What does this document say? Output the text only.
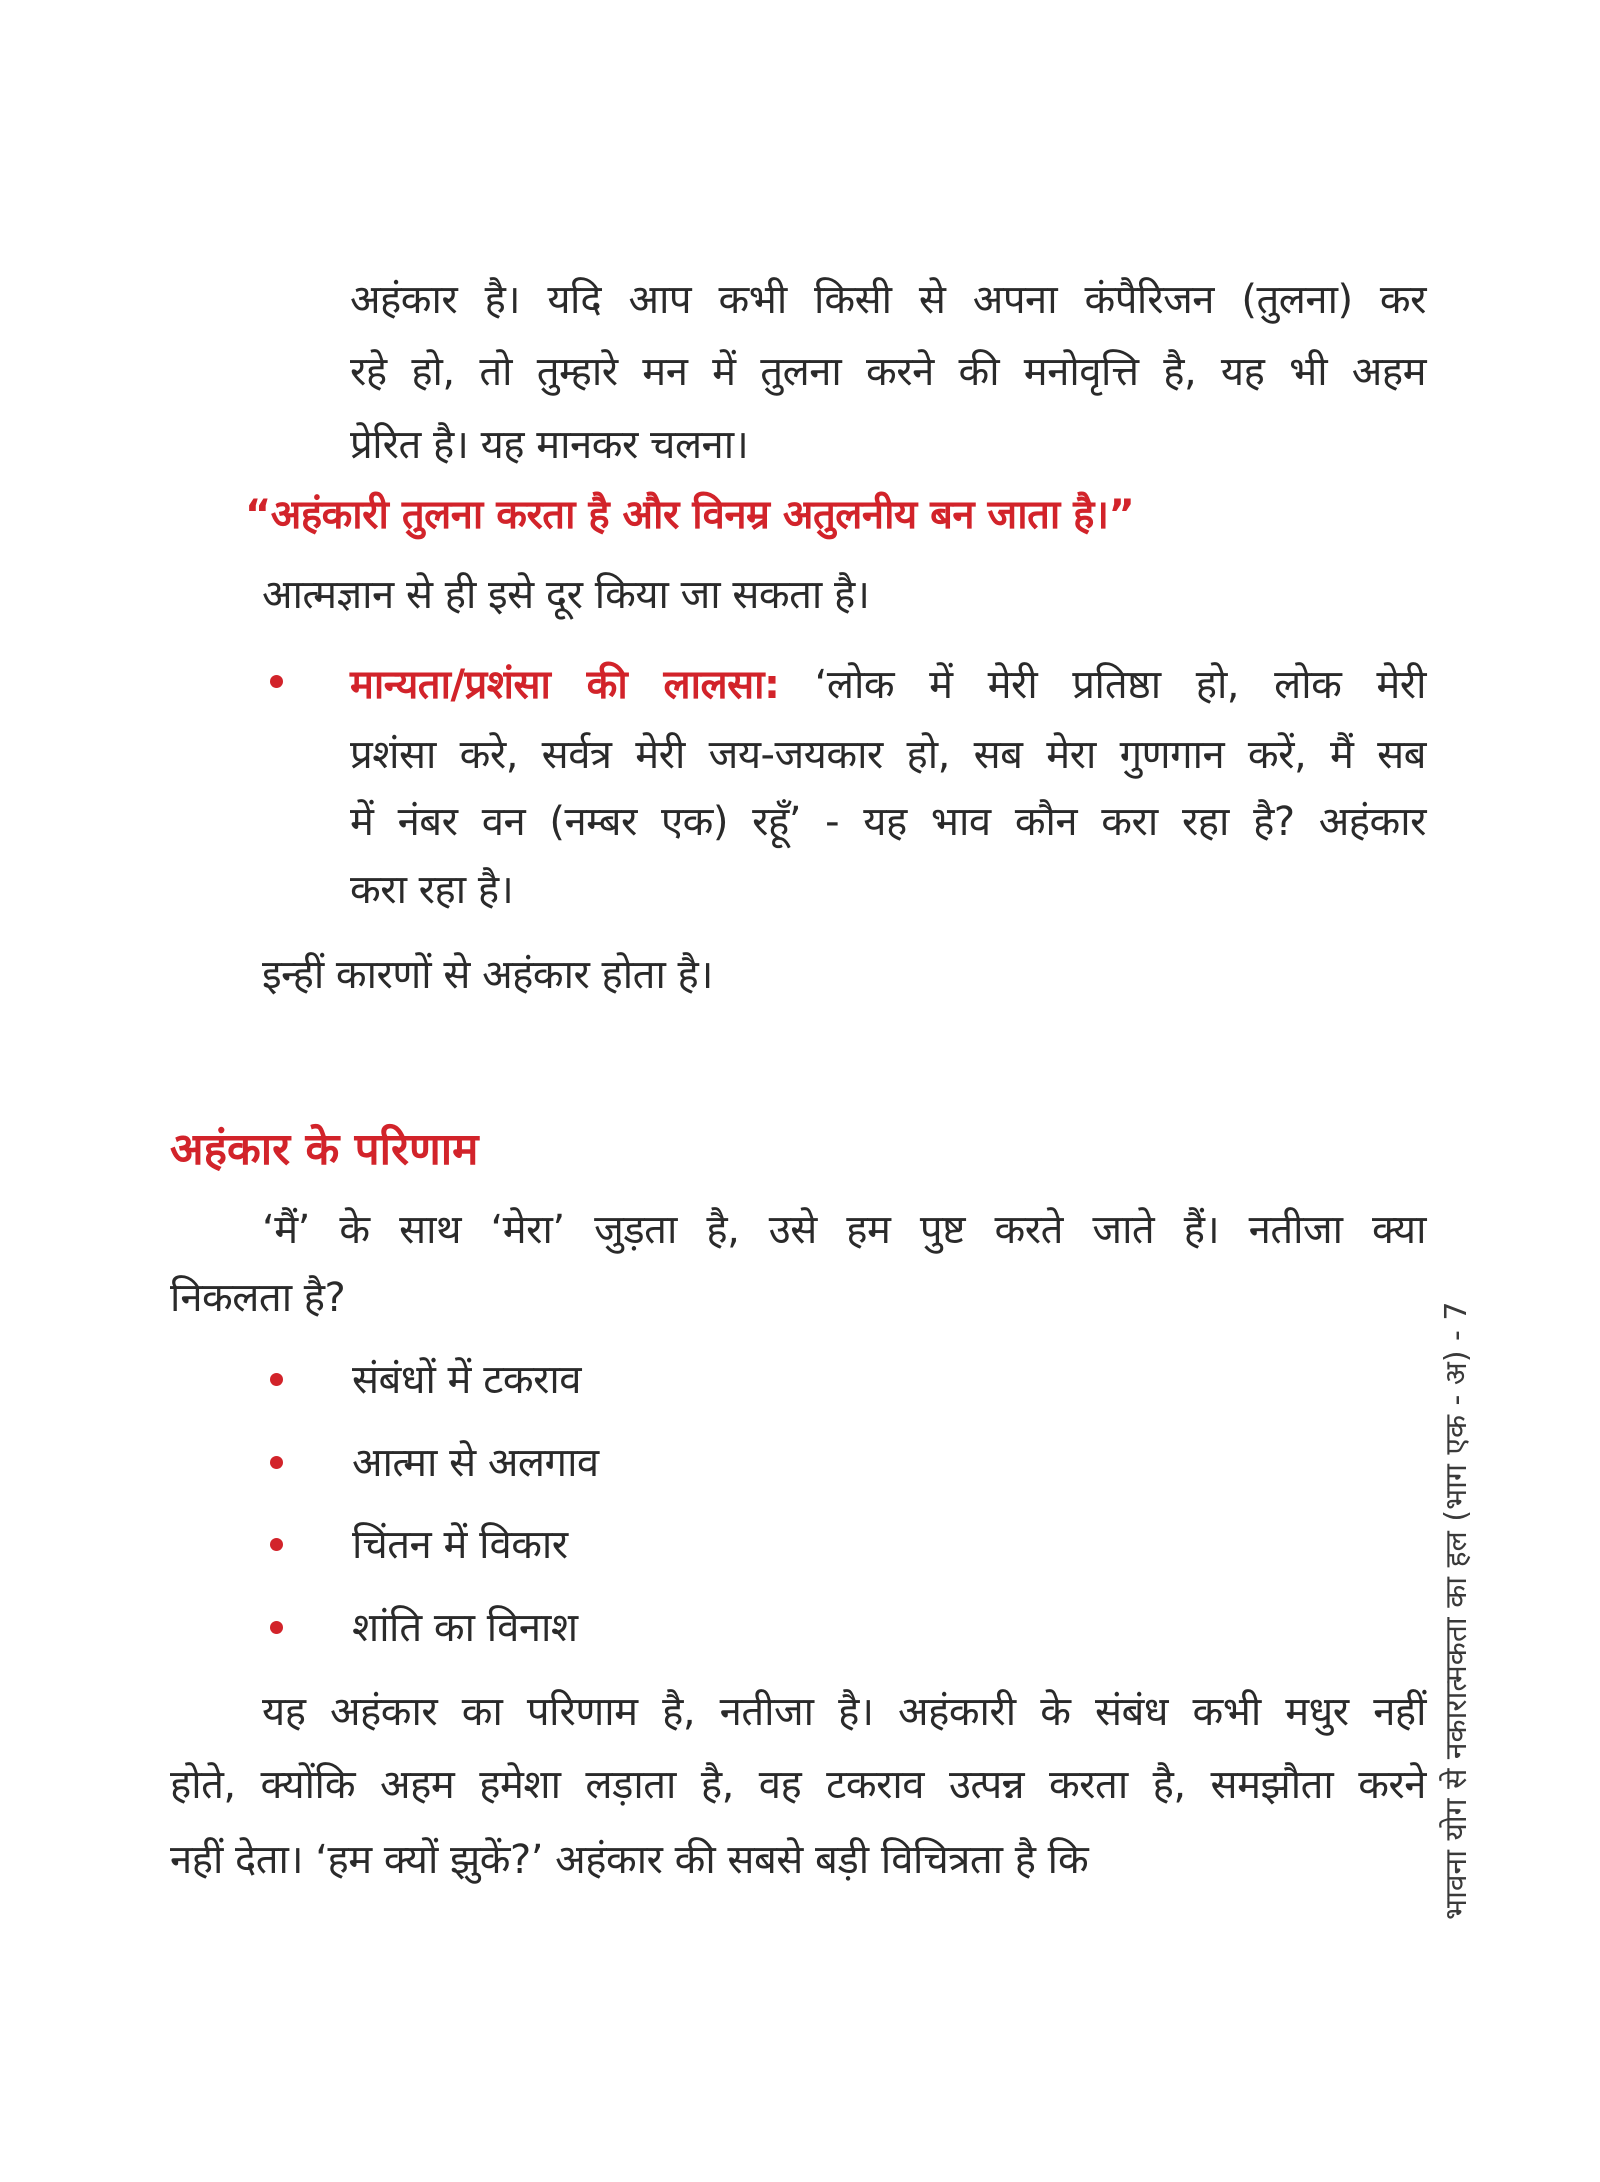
अहंकार है। यदि आप कभी किसी से अपना कंपैरिजन (तुलना) कर
रहे हो, तो तुम्हारे मन में तुलना करने की मनोवृत्ति है, यह भी अहम
प्रेरित है। यह मानकर चलना।
“अहंकारी तुलना करता है और विनम्र अतुलनीय बन जाता है।”
आत्मज्ञान से ही इसे दूर किया जा सकता है।
मान्यता/प्रशंसा की लालसा: ‘लोक में मेरी प्रतिष्ठा हो, लोक मेरी
प्रशंसा करे, सर्वत्र मेरी जय-जयकार हो, सब मेरा गुणगान करें, मैं सब
में नंबर वन (नम्बर एक) रहूँ’ - यह भाव कौन करा रहा है? अहंकार
करा रहा है।
इन्हीं कारणों से अहंकार होता है।
अहंकार के परिणाम
‘मैं’ के साथ ‘मेरा’ जुड़ता है, उसे हम पुष्ट करते जाते हैं। नतीजा क्या
निकलता है?
संबंधों में टकराव
आत्मा से अलगाव
चिंतन में विकार
शांति का विनाश
यह अहंकार का परिणाम है, नतीजा है। अहंकारी के संबंध कभी मधुर नहीं
होते, क्योंकि अहम हमेशा लड़ाता है, वह टकराव उत्पन्न करता है, समझौता करने
नहीं देता। ‘हम क्यों झुकें?’ अहंकार की सबसे बड़ी विचित्रता है कि	भावना योग से नकारात्मकता का हल (भाग एक - अ) - 7
